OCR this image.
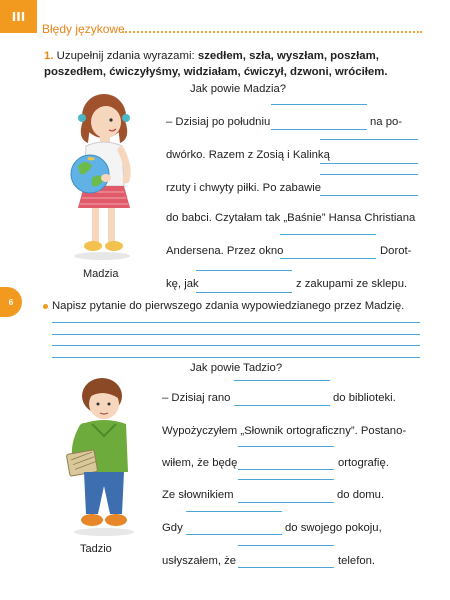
III
Błędy językowe
1. Uzupełnij zdania wyrazami: szedłem, szła, wyszłam, poszłam, poszedłem, ćwiczyłyśmy, widziałam, ćwiczył, dzwoni, wróciłem.
Jak powie Madzia?
Madzia
– Dzisiaj po południu	na po-
dwórko. Razem z Zosią i Kalinką
rzuty i chwyty piłki. Po zabawie
do babci. Czytałam tak „Baśnie” Hansa Christiana
Andersena. Przez okno	Dorot-
kę, jak	z zakupami ze sklepu.
6	Napisz pytanie do pierwszego zdania wypowiedzianego przez Madzię.
Jak powie Tadzio?
Tadzio
– Dzisiaj rano	do biblioteki.
Wypożyczyłem „Słownik ortograficzny”. Postano-
wiłem, że będę	ortografię.
Ze słownikiem	do domu.
Gdy	do swojego pokoju,
usłyszałem, że	telefon.
